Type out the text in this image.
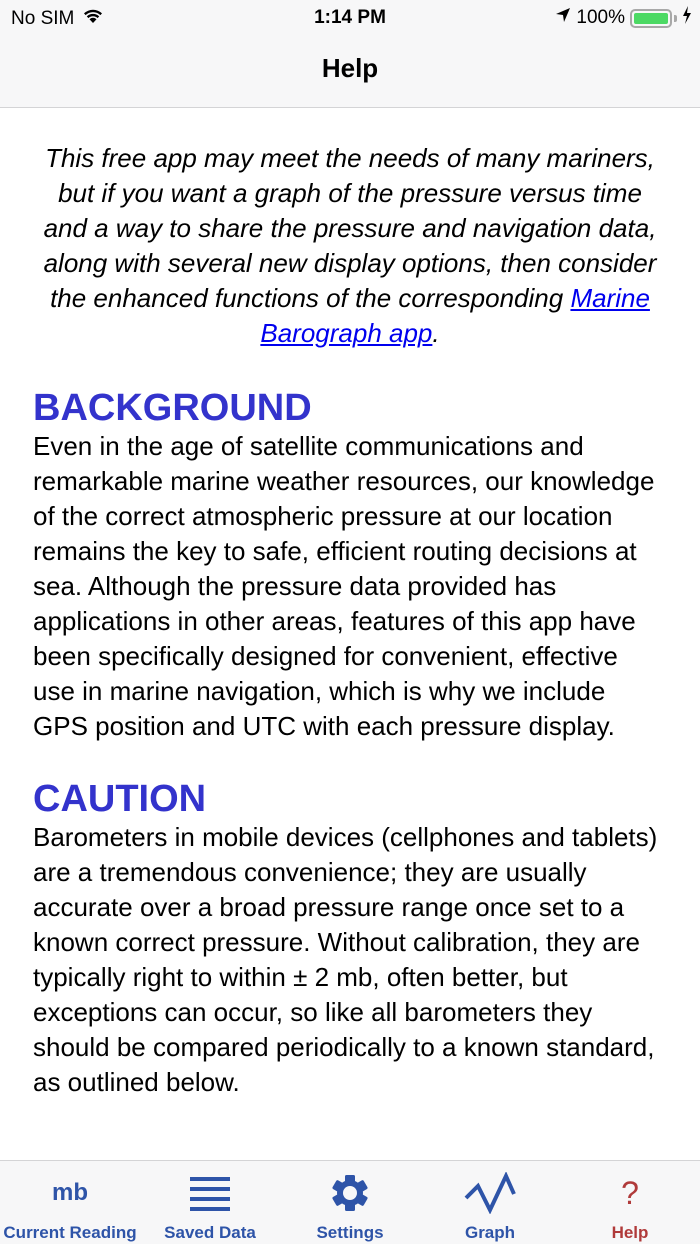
No SIM	1:14 PM	100%
Help

This free app may meet the needs of many mariners, but if you want a graph of the pressure versus time and a way to share the pressure and navigation data, along with several new display options, then consider the enhanced functions of the corresponding Marine Barograph app.

BACKGROUND

Even in the age of satellite communications and remarkable marine weather resources, our knowledge of the correct atmospheric pressure at our location remains the key to safe, efficient routing decisions at sea. Although the pressure data provided has applications in other areas, features of this app have been specifically designed for convenient, effective use in marine navigation, which is why we include GPS position and UTC with each pressure display.

CAUTION

Barometers in mobile devices (cellphones and tablets) are a tremendous convenience; they are usually accurate over a broad pressure range once set to a known correct pressure. Without calibration, they are typically right to within ± 2 mb, often better, but exceptions can occur, so like all barometers they should be compared periodically to a known standard, as outlined below.

mb
Current Reading Saved Data	Settings	Graph
?
Help
